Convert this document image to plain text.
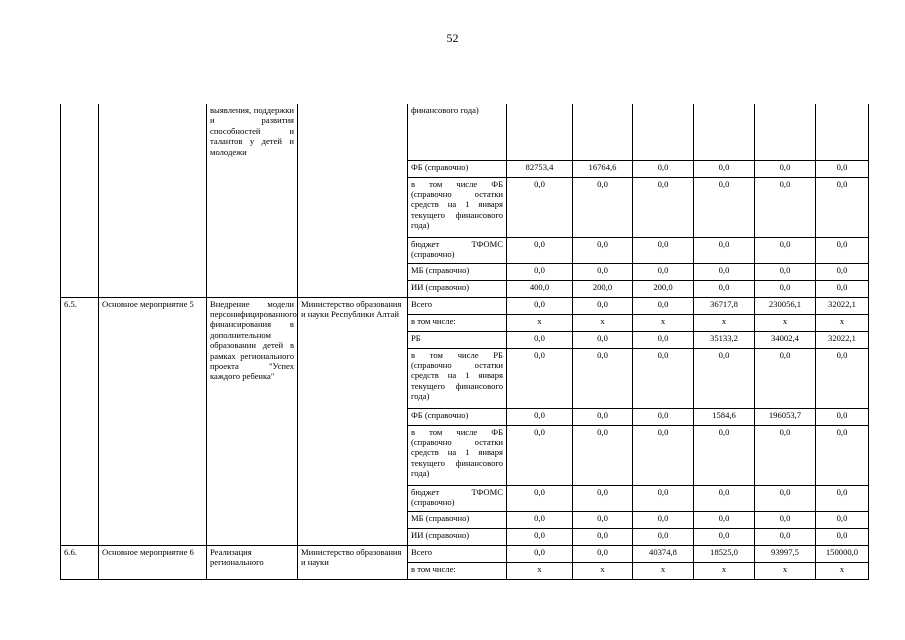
52
		выявления, поддержки и развития способностей и талантов у детей и молодежи		финансового года)						
				ФБ (справочно)	82753,4	16764,6	0,0	0,0	0,0	0,0
				в том числе ФБ (справочно остатки средств на 1 января текущего финансового года)	0,0	0,0	0,0	0,0	0,0	0,0
				бюджет ТФОМС (справочно)	0,0	0,0	0,0	0,0	0,0	0,0
				МБ (справочно)	0,0	0,0	0,0	0,0	0,0	0,0
				ИИ (справочно)	400,0	200,0	200,0	0,0	0,0	0,0
6.5.	Основное мероприятие 5	Внедрение модели персонифицированного финансирования в дополнительном образовании детей в рамках регионального проекта "Успех каждого ребенка"	Министерство образования и науки Республики Алтай	Всего	0,0	0,0	0,0	36717,8	230056,1	32022,1
				в том числе:	x	x	x	x	x	x
				РБ	0,0	0,0	0,0	35133,2	34002,4	32022,1
				в том числе РБ (справочно остатки средств на 1 января текущего финансового года)	0,0	0,0	0,0	0,0	0,0	0,0
				ФБ (справочно)	0,0	0,0	0,0	1584,6	196053,7	0,0
				в том числе ФБ (справочно остатки средств на 1 января текущего финансового года)	0,0	0,0	0,0	0,0	0,0	0,0
				бюджет ТФОМС (справочно)	0,0	0,0	0,0	0,0	0,0	0,0
				МБ (справочно)	0,0	0,0	0,0	0,0	0,0	0,0
				ИИ (справочно)	0,0	0,0	0,0	0,0	0,0	0,0
6.6.	Основное мероприятие 6	Реализация регионального	Министерство образования и науки	Всего	0,0	0,0	40374,8	18525,0	93997,5	150000,0
				в том числе:	x	x	x	x	x	x
